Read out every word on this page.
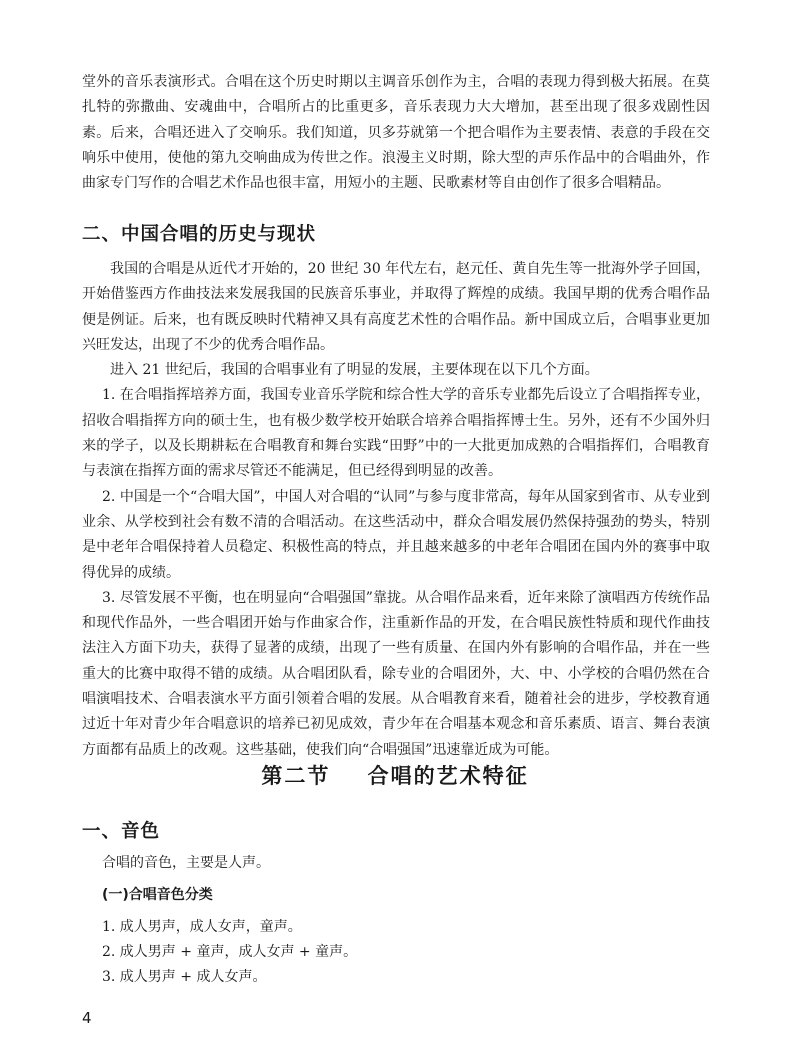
堂外的音乐表演形式。合唱在这个历史时期以主调音乐创作为主，合唱的表现力得到极大拓展。在莫扎特的弥撒曲、安魂曲中，合唱所占的比重更多，音乐表现力大大增加，甚至出现了很多戏剧性因素。后来，合唱还进入了交响乐。我们知道，贝多芬就第一个把合唱作为主要表情、表意的手段在交响乐中使用，使他的第九交响曲成为传世之作。浪漫主义时期，除大型的声乐作品中的合唱曲外，作曲家专门写作的合唱艺术作品也很丰富，用短小的主题、民歌素材等自由创作了很多合唱精品。

二、中国合唱的历史与现状

我国的合唱是从近代才开始的，20 世纪 30 年代左右，赵元任、黄自先生等一批海外学子回国，开始借鉴西方作曲技法来发展我国的民族音乐事业，并取得了辉煌的成绩。我国早期的优秀合唱作品便是例证。后来，也有既反映时代精神又具有高度艺术性的合唱作品。新中国成立后，合唱事业更加兴旺发达，出现了不少的优秀合唱作品。

进入 21 世纪后，我国的合唱事业有了明显的发展，主要体现在以下几个方面。

1. 在合唱指挥培养方面，我国专业音乐学院和综合性大学的音乐专业都先后设立了合唱指挥专业，招收合唱指挥方向的硕士生，也有极少数学校开始联合培养合唱指挥博士生。另外，还有不少国外归来的学子，以及长期耕耘在合唱教育和舞台实践“田野”中的一大批更加成熟的合唱指挥们，合唱教育与表演在指挥方面的需求尽管还不能满足，但已经得到明显的改善。

2. 中国是一个“合唱大国”，中国人对合唱的“认同”与参与度非常高，每年从国家到省市、从专业到业余、从学校到社会有数不清的合唱活动。在这些活动中，群众合唱发展仍然保持强劲的势头，特别是中老年合唱保持着人员稳定、积极性高的特点，并且越来越多的中老年合唱团在国内外的赛事中取得优异的成绩。

3. 尽管发展不平衡，也在明显向“合唱强国”靠拢。从合唱作品来看，近年来除了演唱西方传统作品和现代作品外，一些合唱团开始与作曲家合作，注重新作品的开发，在合唱民族性特质和现代作曲技法注入方面下功夫，获得了显著的成绩，出现了一些有质量、在国内外有影响的合唱作品，并在一些重大的比赛中取得不错的成绩。从合唱团队看，除专业的合唱团外，大、中、小学校的合唱仍然在合唱演唱技术、合唱表演水平方面引领着合唱的发展。从合唱教育来看，随着社会的进步，学校教育通过近十年对青少年合唱意识的培养已初见成效，青少年在合唱基本观念和音乐素质、语言、舞台表演方面都有品质上的改观。这些基础，使我们向“合唱强国”迅速靠近成为可能。

第二节    合唱的艺术特征
一、音色

合唱的音色，主要是人声。

(一)合唱音色分类

1. 成人男声，成人女声，童声。

2. 成人男声 + 童声，成人女声 + 童声。

3. 成人男声 + 成人女声。

4
